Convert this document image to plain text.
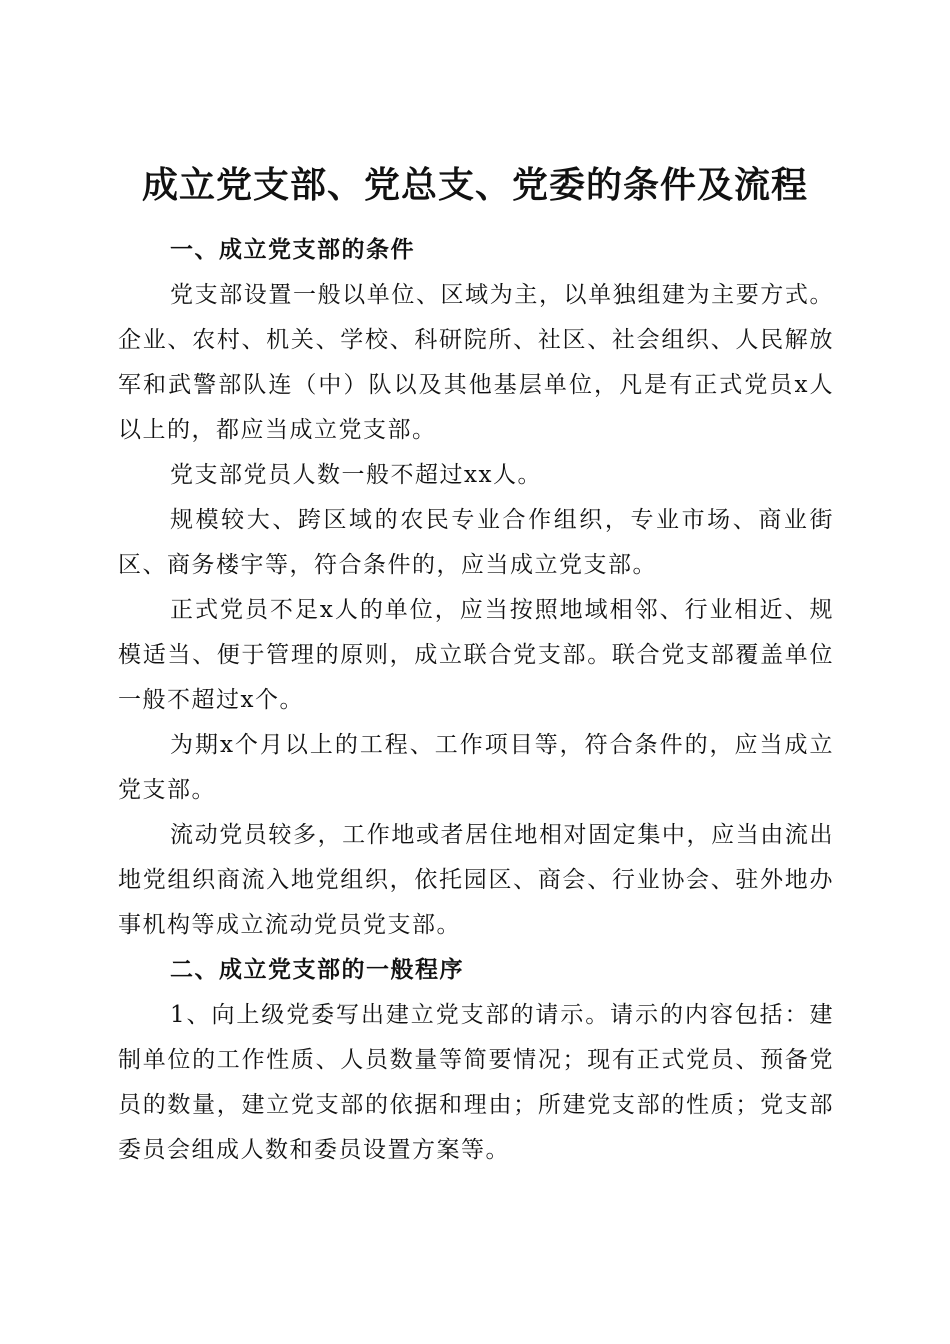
成立党支部、党总支、党委的条件及流程
一、成立党支部的条件

党支部设置一般以单位、区域为主，以单独组建为主要方式。企业、农村、机关、学校、科研院所、社区、社会组织、人民解放军和武警部队连（中）队以及其他基层单位，凡是有正式党员x人以上的，都应当成立党支部。

党支部党员人数一般不超过xx人。

规模较大、跨区域的农民专业合作组织，专业市场、商业街区、商务楼宇等，符合条件的，应当成立党支部。

正式党员不足x人的单位，应当按照地域相邻、行业相近、规模适当、便于管理的原则，成立联合党支部。联合党支部覆盖单位一般不超过x个。

为期x个月以上的工程、工作项目等，符合条件的，应当成立党支部。

流动党员较多，工作地或者居住地相对固定集中，应当由流出地党组织商流入地党组织，依托园区、商会、行业协会、驻外地办事机构等成立流动党员党支部。

二、成立党支部的一般程序

1、向上级党委写出建立党支部的请示。请示的内容包括：建制单位的工作性质、人员数量等简要情况；现有正式党员、预备党员的数量，建立党支部的依据和理由；所建党支部的性质；党支部委员会组成人数和委员设置方案等。
